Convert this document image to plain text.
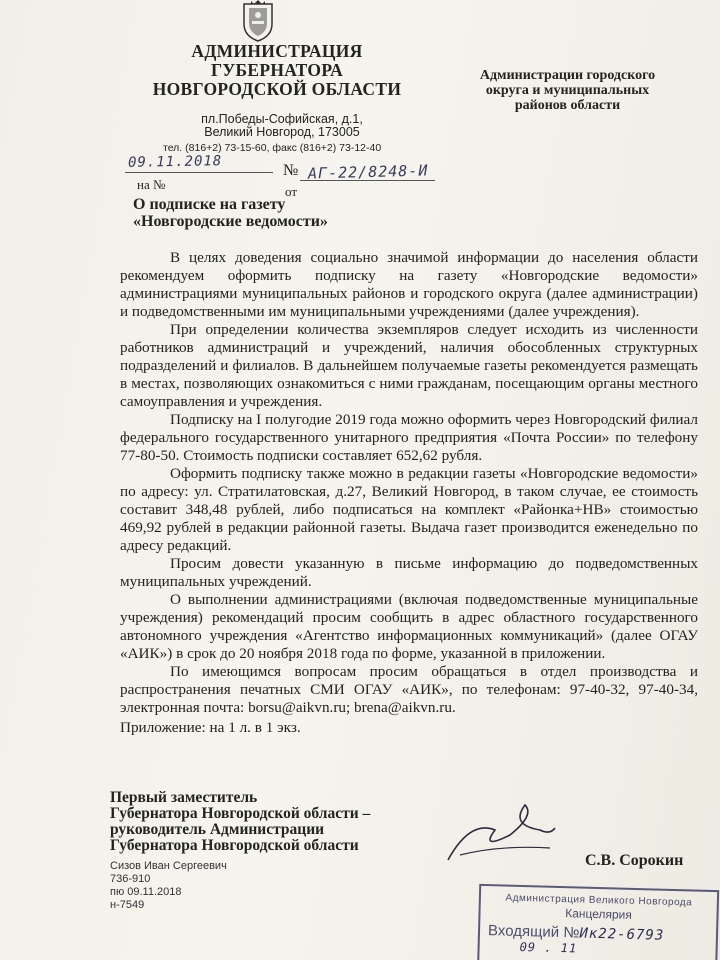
АДМИНИСТРАЦИЯ
ГУБЕРНАТОРА
НОВГОРОДСКОЙ ОБЛАСТИ
пл.Победы-Софийская, д.1,
Великий Новгород, 173005
тел. (816+2) 73-15-60, факс (816+2) 73-12-40
Администрации городского
округа и муниципальных
районов области
09.11.2018	№ АГ-22/8248-И
на №	от
О подписке на газету
«Новгородские ведомости»

В целях доведения социально значимой информации до населения области рекомендуем оформить подписку на газету «Новгородские ведомости» администрациями муниципальных районов и городского округа (далее администрации) и подведомственными им муниципальными учреждениями (далее учреждения).

При определении количества экземпляров следует исходить из численности работников администраций и учреждений, наличия обособленных структурных подразделений и филиалов. В дальнейшем получаемые газеты рекомендуется размещать в местах, позволяющих ознакомиться с ними гражданам, посещающим органы местного самоуправления и учреждения.

Подписку на I полугодие 2019 года можно оформить через Новгородский филиал федерального государственного унитарного предприятия «Почта России» по телефону 77-80-50. Стоимость подписки составляет 652,62 рубля.

Оформить подписку также можно в редакции газеты «Новгородские ведомости» по адресу: ул. Стратилатовская, д.27, Великий Новгород, в таком случае, ее стоимость составит 348,48 рублей, либо подписаться на комплект «Районка+НВ» стоимостью 469,92 рублей в редакции районной газеты. Выдача газет производится еженедельно по адресу редакций.

Просим довести указанную в письме информацию до подведомственных муниципальных учреждений.

О выполнении администрациями (включая подведомственные муниципальные учреждения) рекомендаций просим сообщить в адрес областного государственного автономного учреждения «Агентство информационных коммуникаций» (далее ОГАУ «АИК») в срок до 20 ноября 2018 года по форме, указанной в приложении.

По имеющимся вопросам просим обращаться в отдел производства и распространения печатных СМИ ОГАУ «АИК», по телефонам: 97-40-32, 97-40-34, электронная почта: borsu@aikvn.ru; brena@aikvn.ru.

Приложение: на 1 л. в 1 экз.

Первый заместитель
Губернатора Новгородской области –
руководитель Администрации
Губернатора Новгородской области
С.В. Сорокин
Сизов Иван Сергеевич
736-910
пю 09.11.2018
н-7549	Администрация Великого Новгорода
Канцелярия
Входящий №Ик22-6793
09 . 11
